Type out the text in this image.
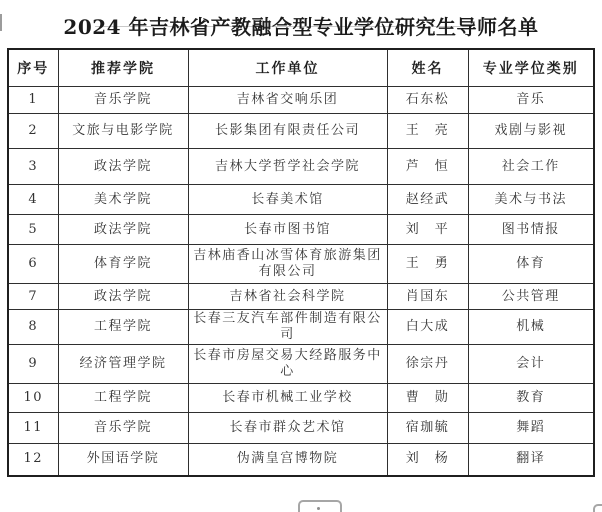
2024 年吉林省产教融合型专业学位研究生导师名单
序号	推荐学院	工作单位	姓名	专业学位类别
1	音乐学院	吉林省交响乐团	石东松	音乐
2	文旅与电影学院	长影集团有限责任公司	王　亮	戏剧与影视
3	政法学院	吉林大学哲学社会学院	芦　恒	社会工作
4	美术学院	长春美术馆	赵经武	美术与书法
5	政法学院	长春市图书馆	刘　平	图书情报
6	体育学院	吉林庙香山冰雪体育旅游集团有限公司	王　勇	体育
7	政法学院	吉林省社会科学院	肖国东	公共管理
8	工程学院	长春三友汽车部件制造有限公司	白大成	机械
9	经济管理学院	长春市房屋交易大经路服务中心	徐宗丹	会计
10	工程学院	长春市机械工业学校	曹　勋	教育
11	音乐学院	长春市群众艺术馆	宿珈毓	舞蹈
12	外国语学院	伪满皇宫博物院	刘　杨	翻译
